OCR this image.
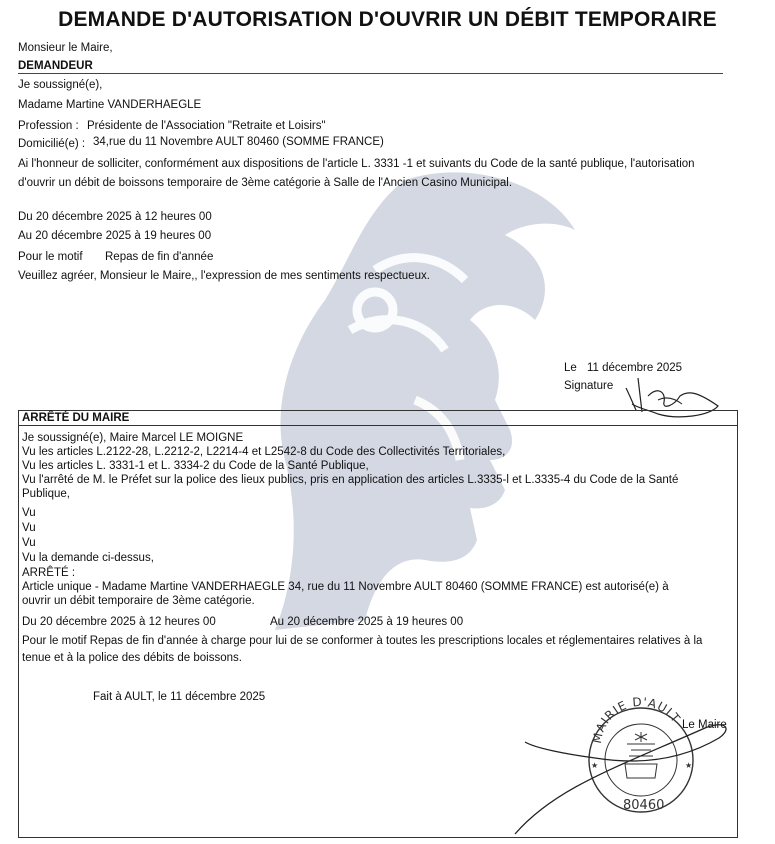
DEMANDE D'AUTORISATION D'OUVRIR UN DÉBIT TEMPORAIRE
Monsieur le Maire,
DEMANDEUR
Je soussigné(e),
Madame Martine VANDERHAEGLE
Profession : Présidente de l'Association "Retraite et Loisirs"
Domicilié(e) : 34,rue du 11 Novembre AULT 80460 (SOMME FRANCE)
Ai l'honneur de solliciter, conformément aux dispositions de l'article L. 3331 -1 et suivants du Code de la santé publique, l'autorisation
d'ouvrir un débit de boissons temporaire de 3ème catégorie à Salle de l'Ancien Casino Municipal.
Du 20 décembre 2025 à 12 heures 00
Au 20 décembre 2025 à 19 heures 00
Pour le motif Repas de fin d'année
Veuillez agréer, Monsieur le Maire,, l'expression de mes sentiments respectueux.
Le 11 décembre 2025
Signature
ARRÊTÉ DU MAIRE
Je soussigné(e), Maire Marcel LE MOIGNE
Vu les articles L.2122-28, L.2212-2, L2214-4 et L2542-8 du Code des Collectivités Territoriales,
Vu les articles L. 3331-1 et L. 3334-2 du Code de la Santé Publique,
Vu l'arrêté de M. le Préfet sur la police des lieux publics, pris en application des articles L.3335-l et L.3335-4 du Code de la Santé
Publique,
Vu
Vu
Vu
Vu la demande ci-dessus,
ARRÊTÉ :
Article unique - Madame Martine VANDERHAEGLE 34, rue du 11 Novembre AULT 80460 (SOMME FRANCE) est autorisé(e) à
ouvrir un débit temporaire de 3ème catégorie.
Du 20 décembre 2025 à 12 heures 00	Au 20 décembre 2025 à 19 heures 00
Pour le motif Repas de fin d'année à charge pour lui de se conformer à toutes les prescriptions locales et réglementaires relatives à la
tenue et à la police des débits de boissons.
Fait à AULT, le 11 décembre 2025
Le Maire
MAIRIE D'AULT
80460
★	★
